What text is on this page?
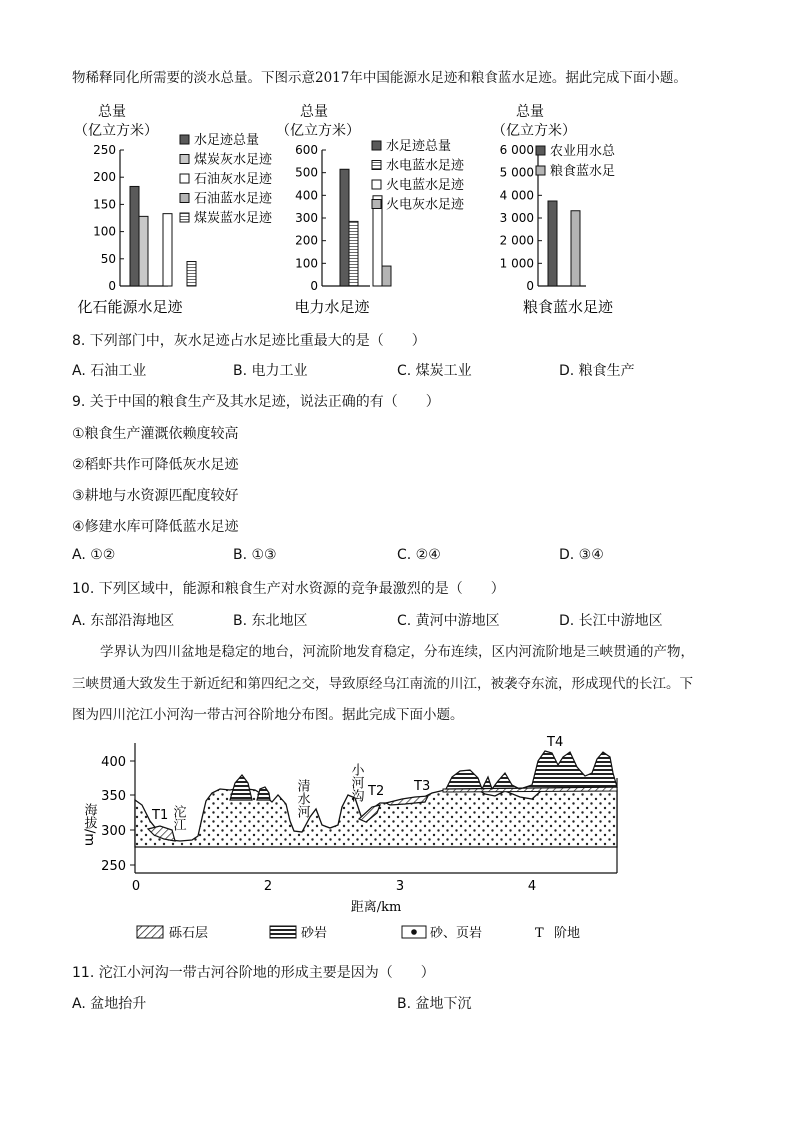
物稀释同化所需要的淡水总量。下图示意2017年中国能源水足迹和粮食蓝水足迹。据此完成下面小题。
总量
（亿立方米）
0
50
100
150
200
250
水足迹总量
煤炭灰水足迹
石油灰水足迹
石油蓝水足迹
煤炭蓝水足迹
化石能源水足迹
总量
（亿立方米）
0
100
200
300
400
500
600	水足迹总量
水电蓝水足迹
火电蓝水足迹
火电灰水足迹
电力水足迹
总量
（亿立方米）
0
1 000
2 000
3 000
4 000
5 000
6 000 农业用水总
粮食蓝水足
粮食蓝水足迹
8. 下列部门中，灰水足迹占水足迹比重最大的是（　　）
A. 石油工业	B. 电力工业	C. 煤炭工业	D. 粮食生产
9. 关于中国的粮食生产及其水足迹，说法正确的有（　　）
①粮食生产灌溉依赖度较高
②稻虾共作可降低灰水足迹
③耕地与水资源匹配度较好
④修建水库可降低蓝水足迹
A. ①②	B. ①③	C. ②④	D. ③④
10. 下列区域中，能源和粮食生产对水资源的竞争最激烈的是（　　）
A. 东部沿海地区	B. 东北地区	C. 黄河中游地区	D. 长江中游地区
学界认为四川盆地是稳定的地台，河流阶地发育稳定，分布连续，区内河流阶地是三峡贯通的产物，
三峡贯通大致发生于新近纪和第四纪之交，导致原经乌江南流的川江，被袭夺东流，形成现代的长江。下
图为四川沱江小河沟一带古河谷阶地分布图。据此完成下面小题。
400
350
300
250
海拔/m
0	2	3	4
距离/km
T1 沱江	清水河	小河沟 T2 T3
T4
砾石层	砂岩	砂、页岩	T 阶地
11. 沱江小河沟一带古河谷阶地的形成主要是因为（　　）
A. 盆地抬升	B. 盆地下沉
